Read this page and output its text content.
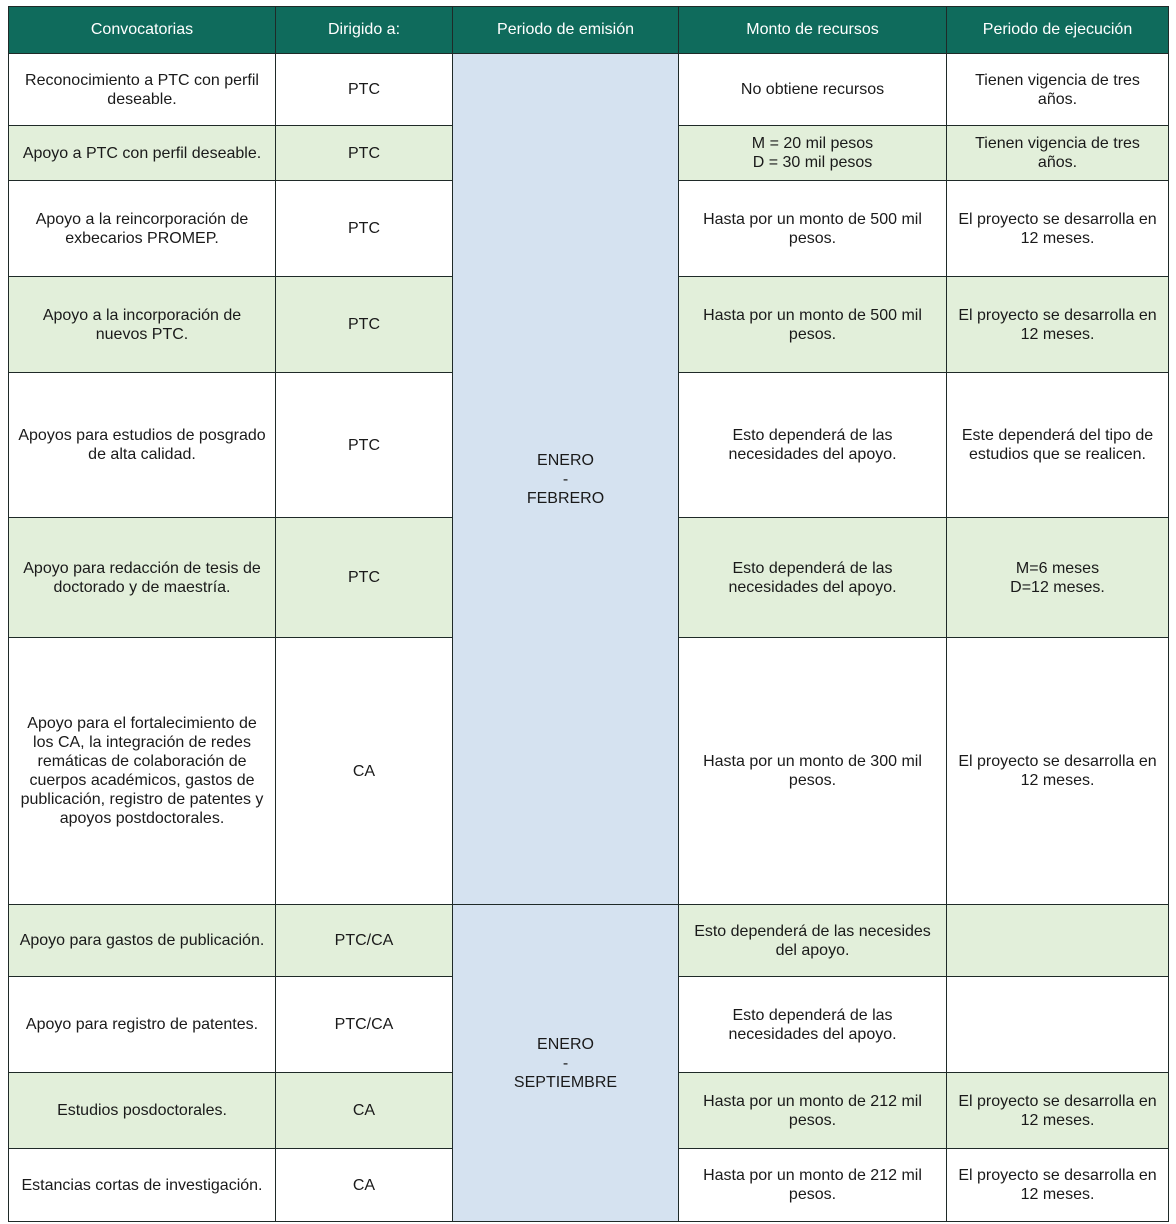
Convocatorias	Dirigido a:	Periodo de emisión	Monto de recursos	Periodo de ejecución

Reconocimiento a PTC con perfil deseable.	PTC	ENERO
-
FEBRERO	No obtiene recursos	Tienen vigencia de tres años.

Apoyo a PTC con perfil deseable.	PTC		M = 20 mil pesos
D = 30 mil pesos	Tienen vigencia de tres años.

Apoyo a la reincorporación de exbecarios PROMEP.	PTC		Hasta por un monto de 500 mil pesos.	El proyecto se desarrolla en 12 meses.

Apoyo a la incorporación de nuevos PTC.	PTC		Hasta por un monto de 500 mil pesos.	El proyecto se desarrolla en 12 meses.

Apoyos para estudios de posgrado de alta calidad.	PTC		Esto dependerá de las necesidades del apoyo.	Este dependerá del tipo de estudios que se realicen.

Apoyo para redacción de tesis de doctorado y de maestría.	PTC		Esto dependerá de las necesidades del apoyo.	M=6 meses
D=12 meses.

Apoyo para el fortalecimiento de los CA, la integración de redes remáticas de colaboración de cuerpos académicos, gastos de publicación, registro de patentes y apoyos postdoctorales.	CA		Hasta por un monto de 300 mil pesos.	El proyecto se desarrolla en 12 meses.

Apoyo para gastos de publicación.	PTC/CA	ENERO
-
SEPTIEMBRE	Esto dependerá de las necesides del apoyo.	

Apoyo para registro de patentes.	PTC/CA		Esto dependerá de las necesidades del apoyo.	

Estudios posdoctorales.	CA		Hasta por un monto de 212 mil pesos.	El proyecto se desarrolla en 12 meses.

Estancias cortas de investigación.	CA		Hasta por un monto de 212 mil pesos.	El proyecto se desarrolla en 12 meses.
